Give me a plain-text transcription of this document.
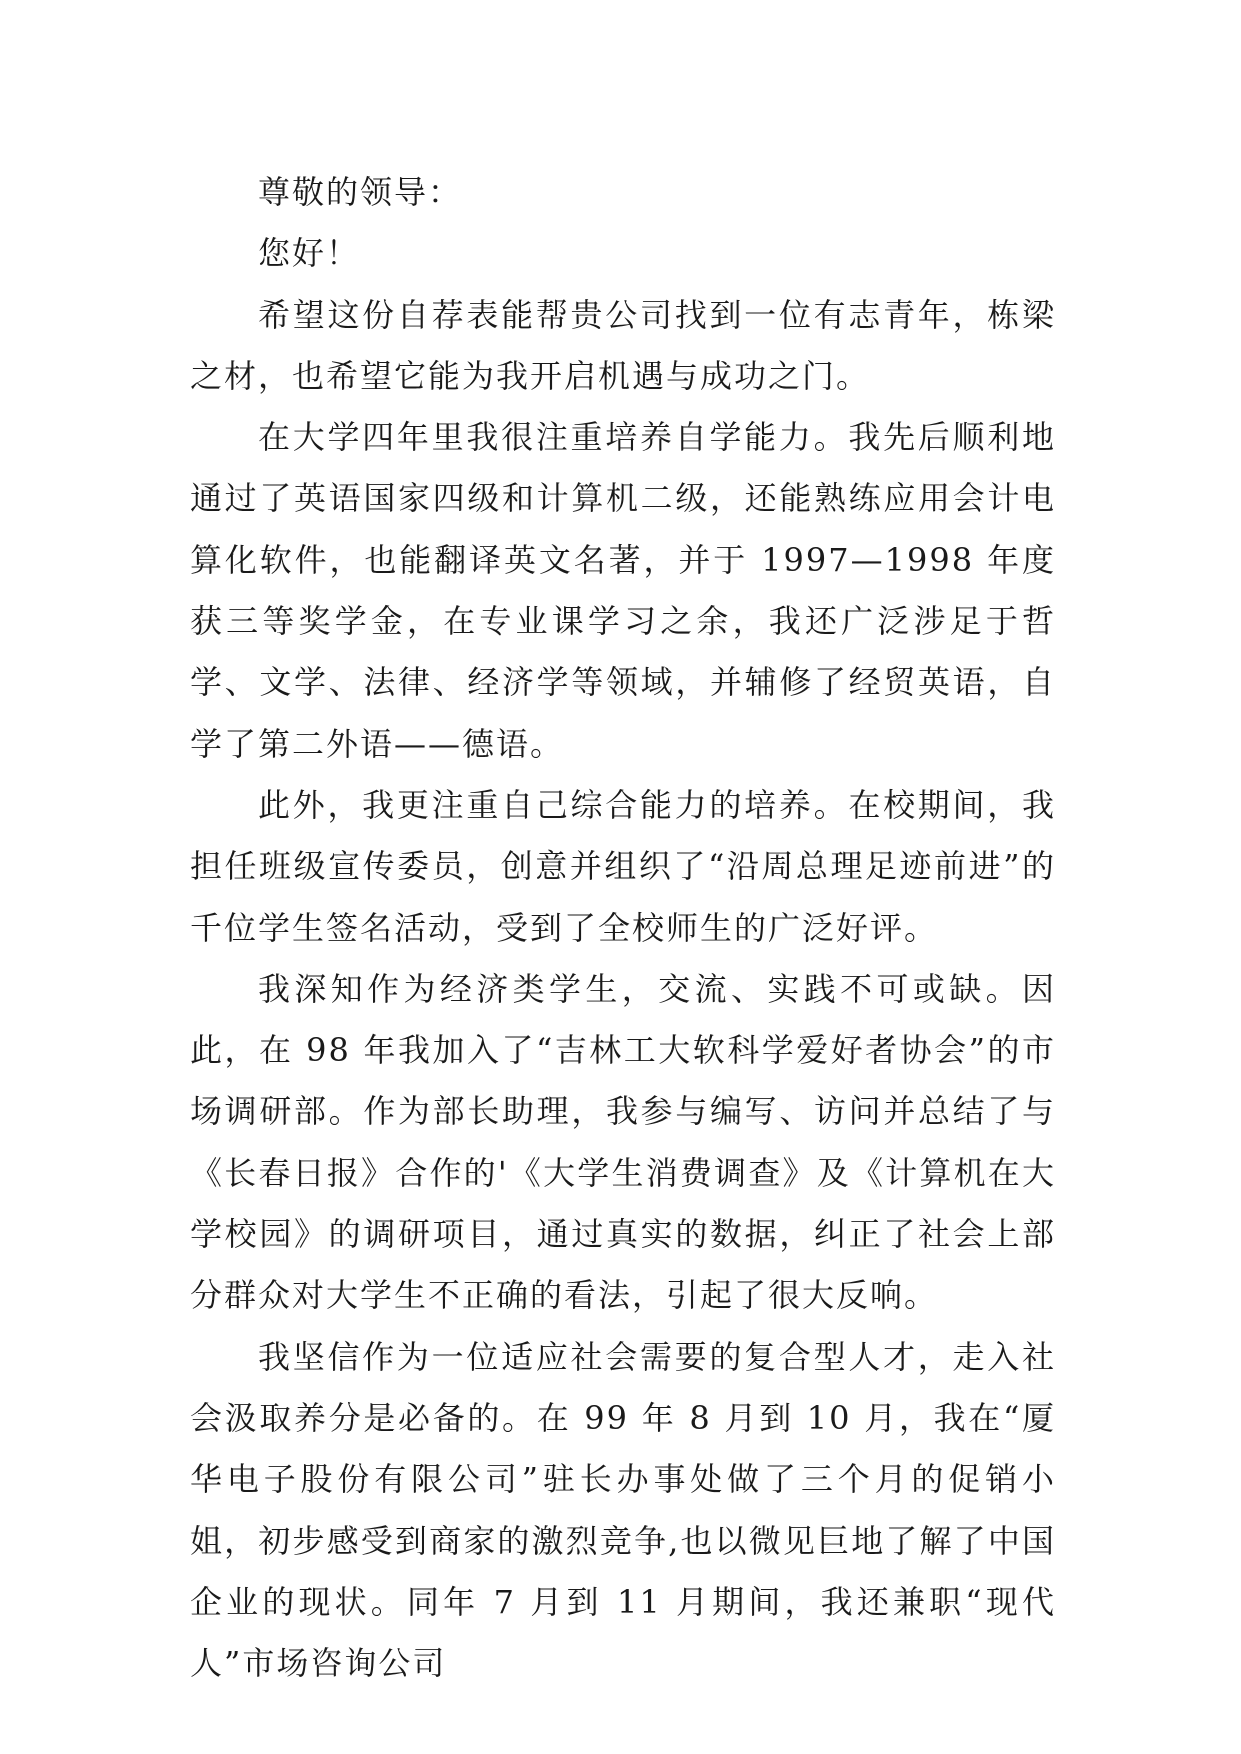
尊敬的领导：

您好！

希望这份自荐表能帮贵公司找到一位有志青年，栋梁之材，也希望它能为我开启机遇与成功之门。

在大学四年里我很注重培养自学能力。我先后顺利地通过了英语国家四级和计算机二级，还能熟练应用会计电算化软件，也能翻译英文名著，并于 1997—1998 年度获三等奖学金，在专业课学习之余，我还广泛涉足于哲学、文学、法律、经济学等领域，并辅修了经贸英语，自学了第二外语——德语。

此外，我更注重自己综合能力的培养。在校期间，我担任班级宣传委员，创意并组织了“沿周总理足迹前进”的千位学生签名活动，受到了全校师生的广泛好评。

我深知作为经济类学生，交流、实践不可或缺。因此，在 98 年我加入了“吉林工大软科学爱好者协会”的市场调研部。作为部长助理，我参与编写、访问并总结了与《长春日报》合作的'《大学生消费调查》及《计算机在大学校园》的调研项目，通过真实的数据，纠正了社会上部分群众对大学生不正确的看法，引起了很大反响。

我坚信作为一位适应社会需要的复合型人才，走入社会汲取养分是必备的。在 99 年 8 月到 10 月，我在“厦华电子股份有限公司”驻长办事处做了三个月的促销小姐，初步感受到商家的激烈竞争,也以微见巨地了解了中国企业的现状。同年 7 月到 11 月期间，我还兼职“现代人”市场咨询公司
